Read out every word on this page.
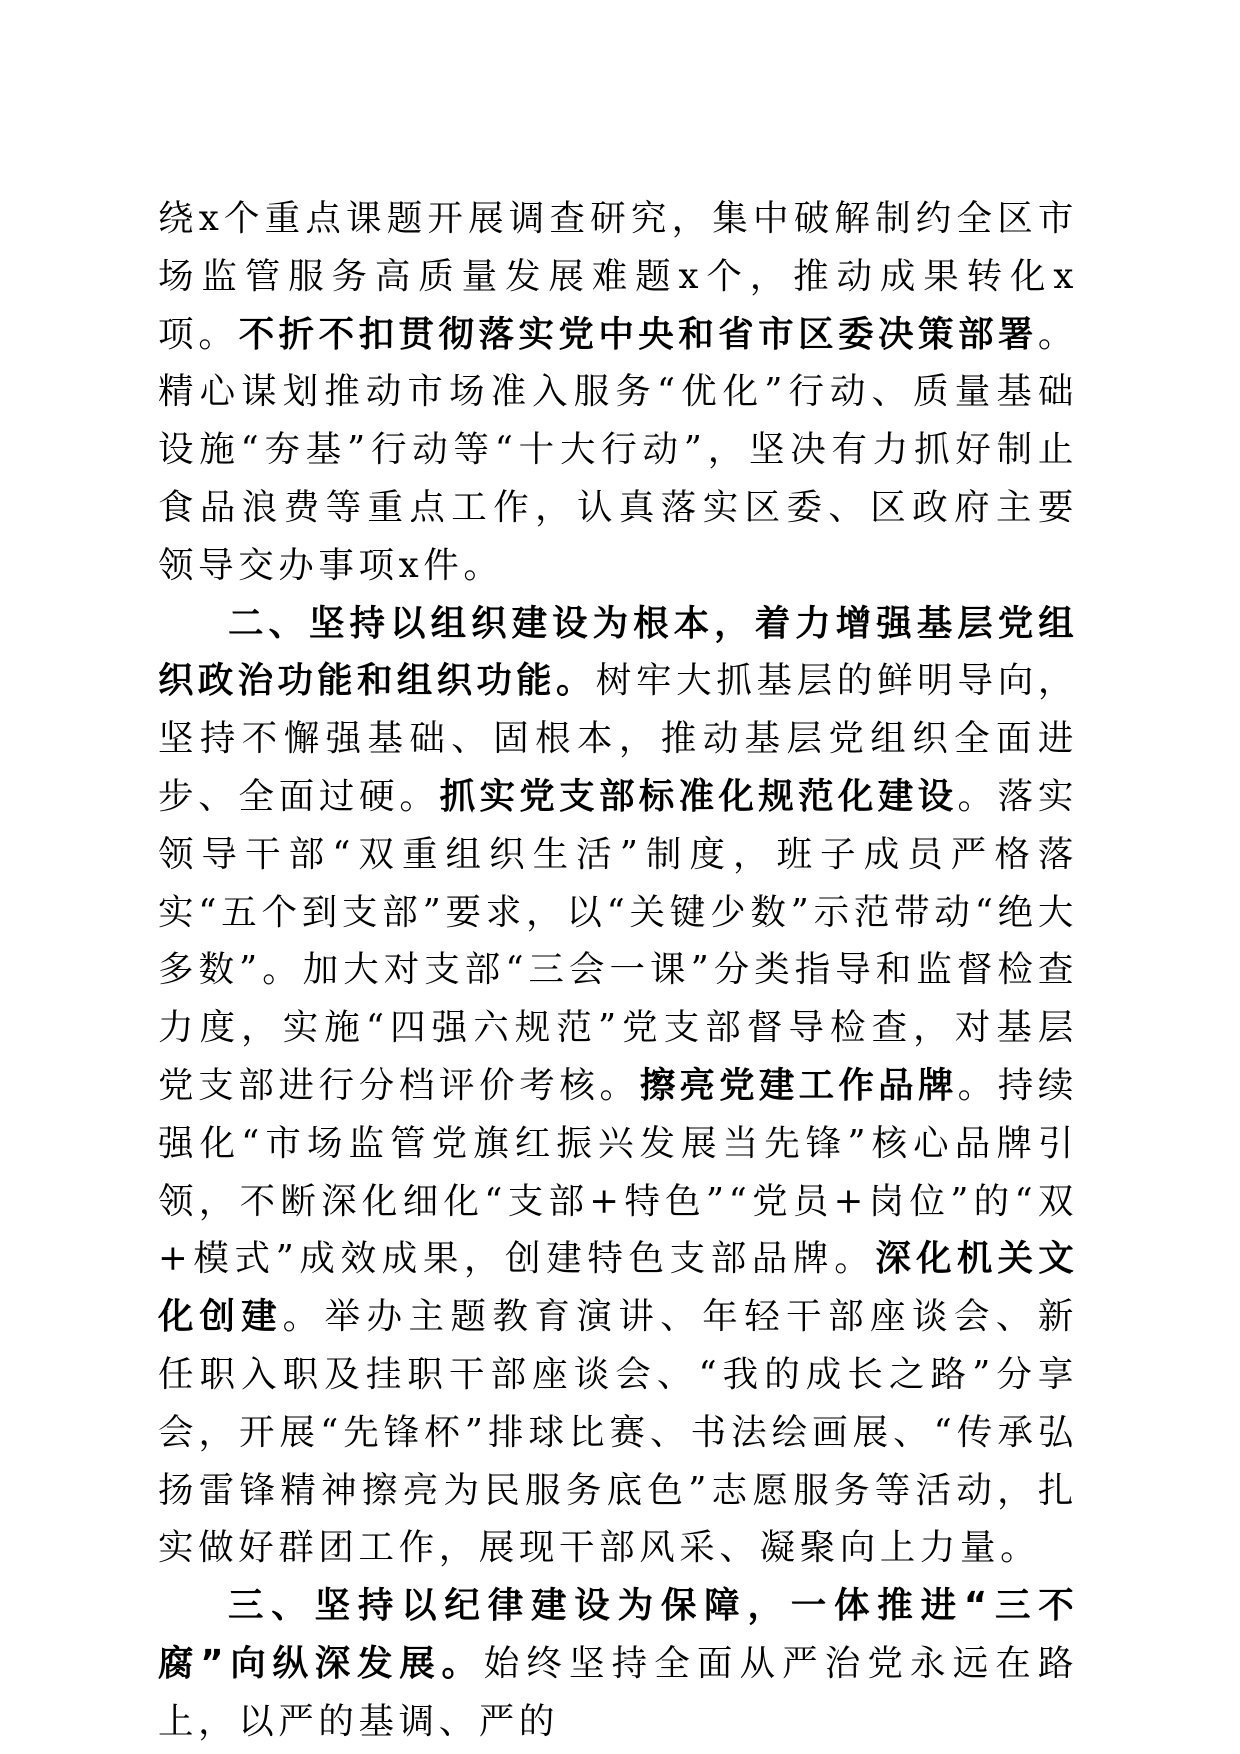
绕x个重点课题开展调查研究，集中破解制约全区市场监管服务高质量发展难题x个，推动成果转化x项。不折不扣贯彻落实党中央和省市区委决策部署。精心谋划推动市场准入服务“优化”行动、质量基础设施“夯基”行动等“十大行动”，坚决有力抓好制止食品浪费等重点工作，认真落实区委、区政府主要领导交办事项x件。

二、坚持以组织建设为根本，着力增强基层党组织政治功能和组织功能。树牢大抓基层的鲜明导向，坚持不懈强基础、固根本，推动基层党组织全面进步、全面过硬。抓实党支部标准化规范化建设。落实领导干部“双重组织生活”制度，班子成员严格落实“五个到支部”要求，以“关键少数”示范带动“绝大多数”。加大对支部“三会一课”分类指导和监督检查力度，实施“四强六规范”党支部督导检查，对基层党支部进行分档评价考核。擦亮党建工作品牌。持续强化“市场监管党旗红振兴发展当先锋”核心品牌引领，不断深化细化“支部+特色”“党员+岗位”的“双+模式”成效成果，创建特色支部品牌。深化机关文化创建。举办主题教育演讲、年轻干部座谈会、新任职入职及挂职干部座谈会、“我的成长之路”分享会，开展“先锋杯”排球比赛、书法绘画展、“传承弘扬雷锋精神擦亮为民服务底色”志愿服务等活动，扎实做好群团工作，展现干部风采、凝聚向上力量。

三、坚持以纪律建设为保障，一体推进“三不腐”向纵深发展。始终坚持全面从严治党永远在路上，以严的基调、严的
